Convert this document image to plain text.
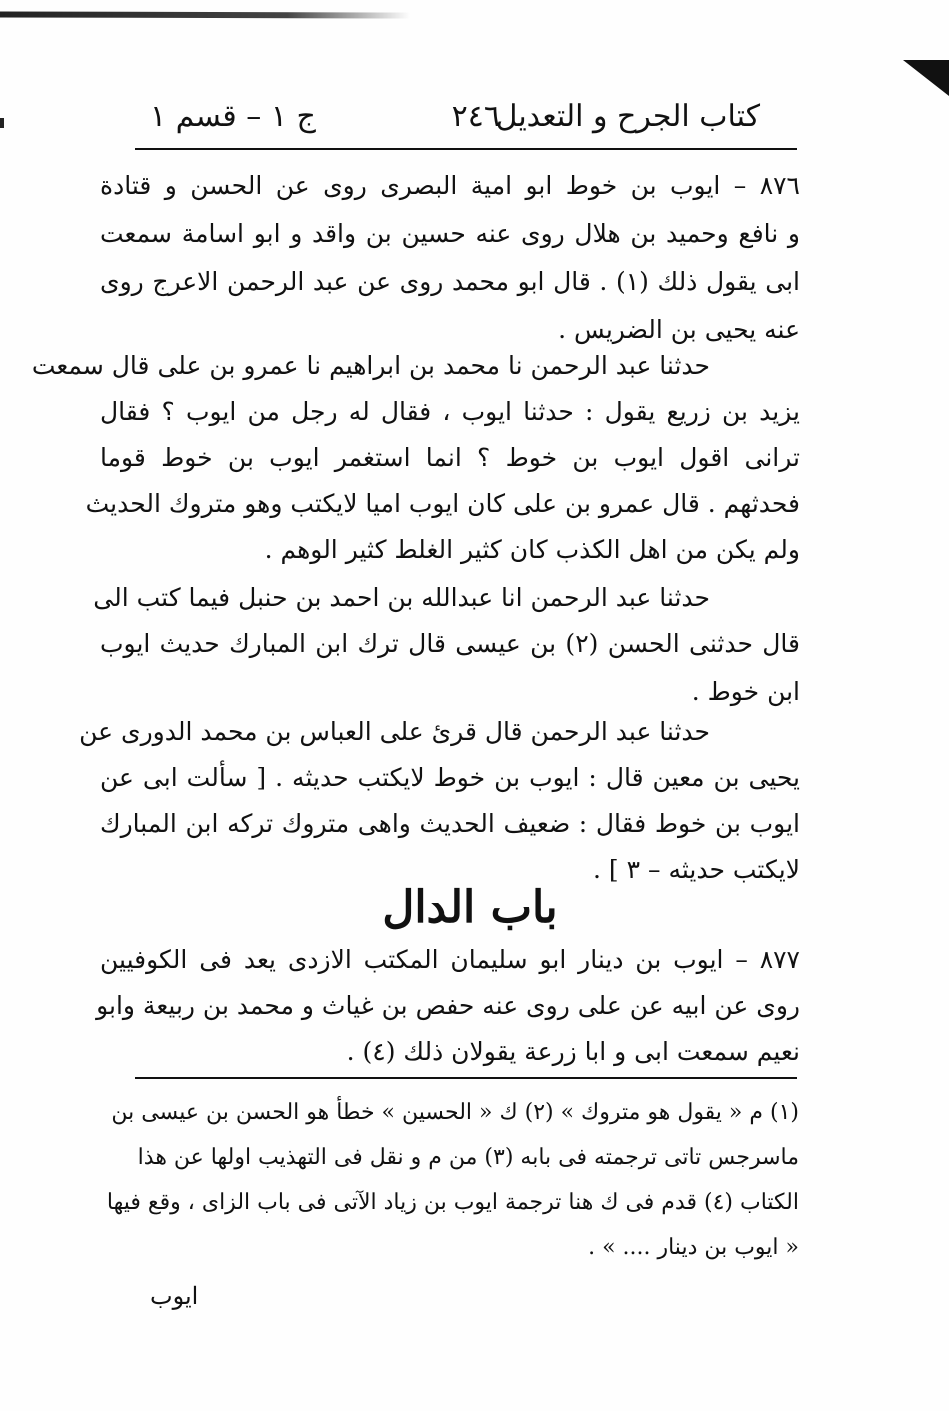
كتاب الجرح و التعديل
٢٤٦
ج ١ – قسم ١
٨٧٦ – ايوب بن خوط ابو امية البصرى روى عن الحسن و قتادة
و نافع وحميد بن هلال روى عنه حسين بن واقد و ابو اسامة سمعت
ابى يقول ذلك (١) . قال ابو محمد روى عن عبد الرحمن الاعرج روى
عنه يحيى بن الضريس .
حدثنا عبد الرحمن نا محمد بن ابراهيم نا عمرو بن على قال سمعت
يزيد بن زريع يقول : حدثنا ايوب ، فقال له رجل من ايوب ؟ فقال
ترانى اقول ايوب بن خوط ؟ انما استغمر ايوب بن خوط قوما
فحدثهم . قال عمرو بن على كان ايوب اميا لايكتب وهو متروك الحديث
ولم يكن من اهل الكذب كان كثير الغلط كثير الوهم .
حدثنا عبد الرحمن انا عبدالله بن احمد بن حنبل فيما كتب الى
قال حدثنى الحسن (٢) بن عيسى قال ترك ابن المبارك حديث ايوب
ابن خوط .
حدثنا عبد الرحمن قال قرئ على العباس بن محمد الدورى عن
يحيى بن معين قال : ايوب بن خوط لايكتب حديثه . [ سألت ابى عن
ايوب بن خوط فقال : ضعيف الحديث واهى متروك تركه ابن المبارك
لايكتب حديثه – ٣ ] .
باب الدال
٨٧٧ – ايوب بن دينار ابو سليمان المكتب الازدى يعد فى الكوفيين
روى عن ابيه عن على روى عنه حفص بن غياث و محمد بن ربيعة وابو
نعيم سمعت ابى و ابا زرعة يقولان ذلك (٤) .
(١) م « يقول هو متروك » (٢) ك « الحسين » خطأ هو الحسن بن عيسى بن
ماسرجس تاتى ترجمته فى بابه (٣) من م و نقل فى التهذيب اولها عن هذا
الكتاب (٤) قدم فى ك هنا ترجمة ايوب بن زياد الآتى فى باب الزاى ، وقع فيها
« ايوب بن دينار .... » .
ايوب
